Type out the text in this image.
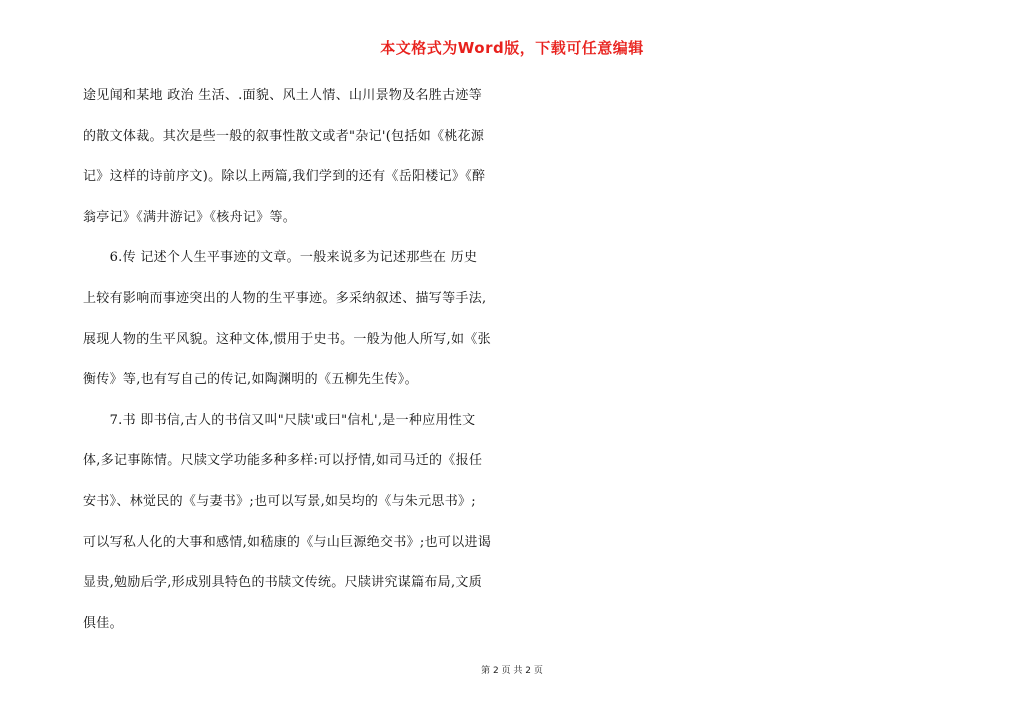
本文格式为Word版，下载可任意编辑
途见闻和某地 政治 生活、.面貌、风土人情、山川景物及名胜古迹等
的散文体裁。其次是些一般的叙事性散文或者"杂记'(包括如《桃花源
记》这样的诗前序文)。除以上两篇,我们学到的还有《岳阳楼记》《醉
翁亭记》《满井游记》《核舟记》等。
　　6.传 记述个人生平事迹的文章。一般来说多为记述那些在 历史
上较有影响而事迹突出的人物的生平事迹。多采纳叙述、描写等手法,
展现人物的生平风貌。这种文体,惯用于史书。一般为他人所写,如《张
衡传》等,也有写自己的传记,如陶渊明的《五柳先生传》。
　　7.书 即书信,古人的书信又叫"尺牍'或曰"信札',是一种应用性文
体,多记事陈情。尺牍文学功能多种多样:可以抒情,如司马迁的《报任
安书》、林觉民的《与妻书》;也可以写景,如吴均的《与朱元思书》;
可以写私人化的大事和感情,如嵇康的《与山巨源绝交书》;也可以进谒
显贵,勉励后学,形成别具特色的书牍文传统。尺牍讲究谋篇布局,文质
俱佳。
第 2 页 共 2 页
